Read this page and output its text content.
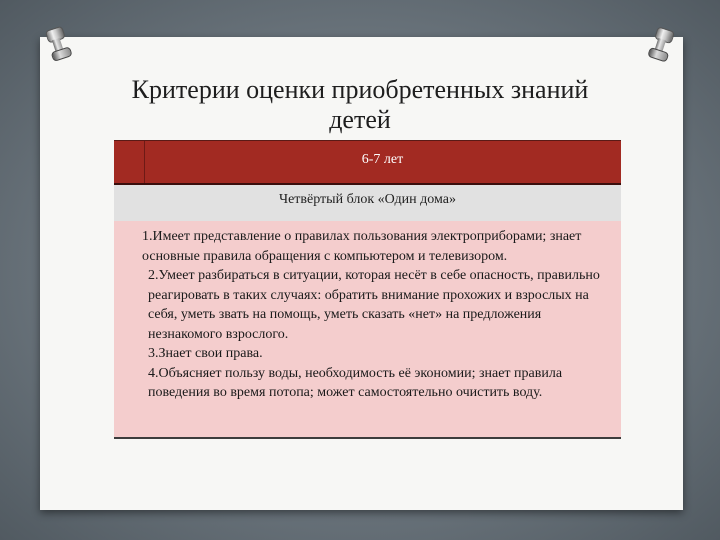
Критерии оценки приобретенных знаний
детей
6-7 лет
Четвёртый блок «Один дома»

1.Имеет представление о правилах пользования электроприборами; знает основные правила обращения с компьютером и телевизором.

2.Умеет разбираться в ситуации, которая несёт в себе опасность, правильно реагировать в таких случаях: обратить внимание прохожих и взрослых на себя, уметь звать на помощь, уметь сказать «нет» на предложения незнакомого взрослого.

3.Знает свои права.

4.Объясняет пользу воды, необходимость её экономии; знает правила поведения во время потопа; может самостоятельно очистить воду.
